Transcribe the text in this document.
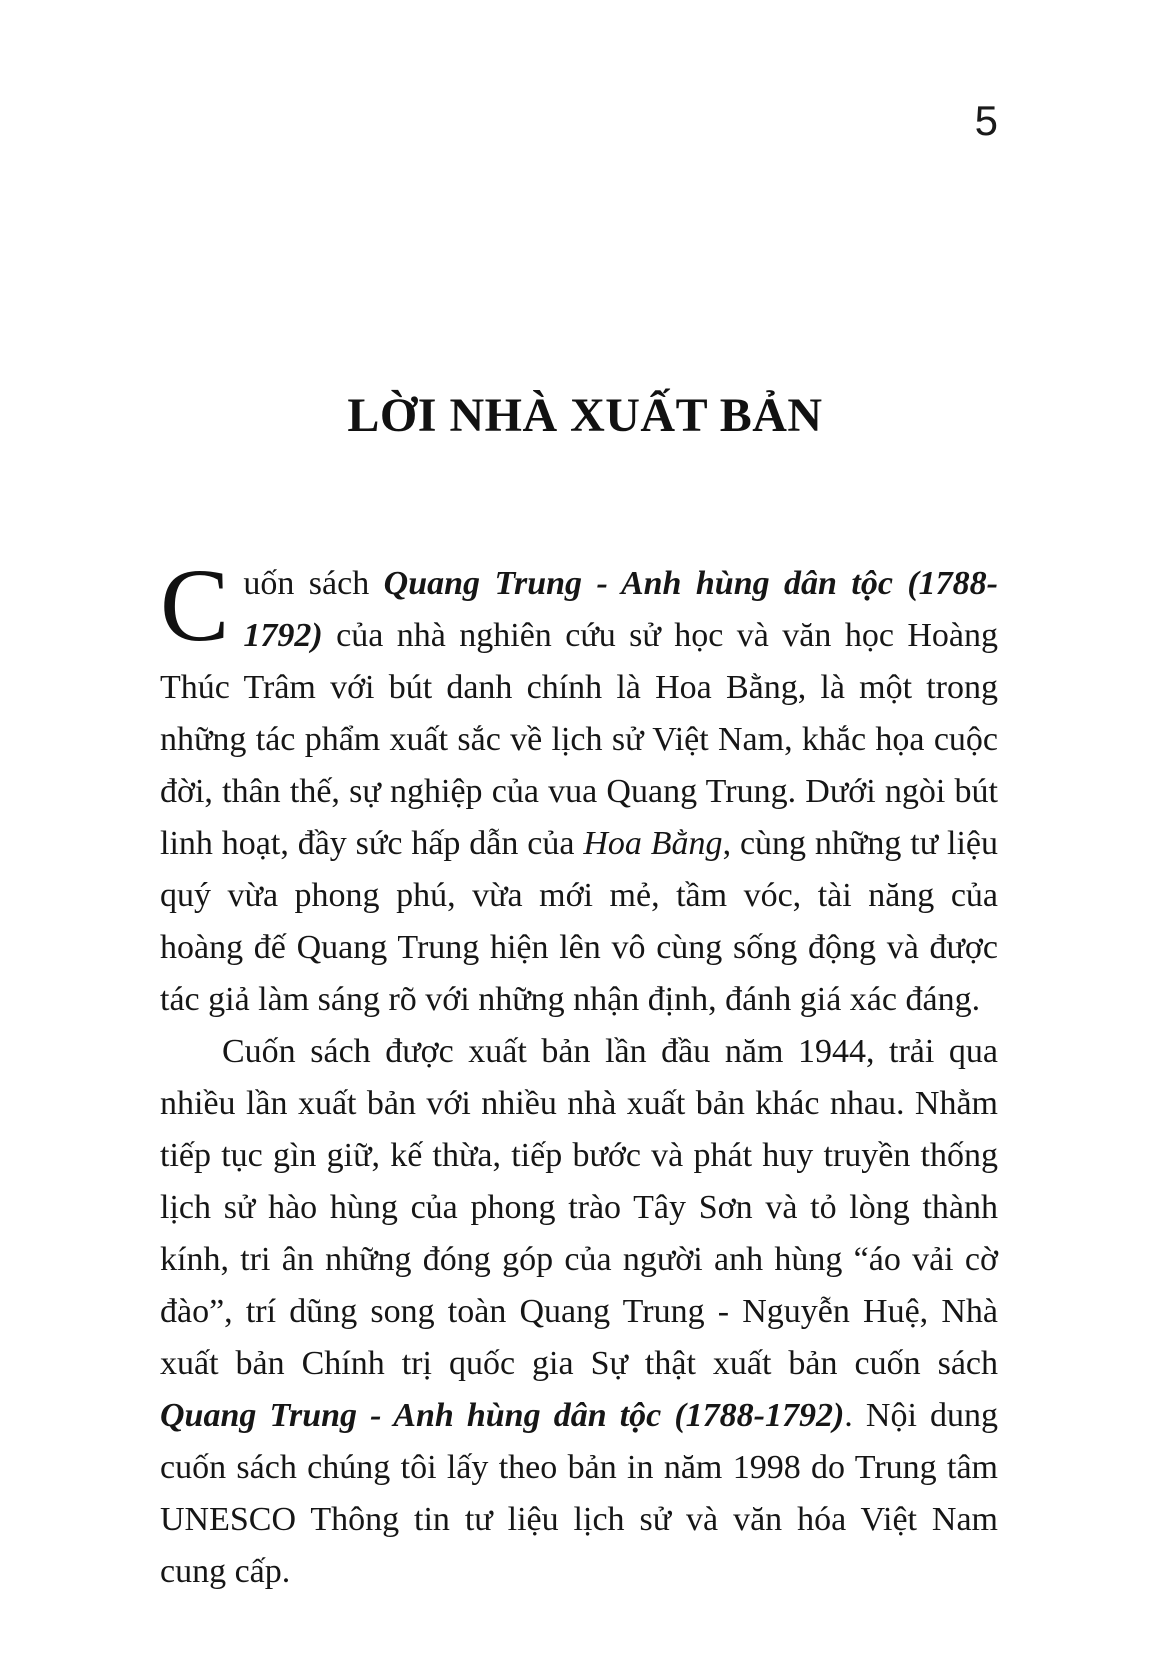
5
LỜI NHÀ XUẤT BẢN

Cuốn sách Quang Trung - Anh hùng dân tộc (1788-1792) của nhà nghiên cứu sử học và văn học Hoàng Thúc Trâm với bút danh chính là Hoa Bằng, là một trong những tác phẩm xuất sắc về lịch sử Việt Nam, khắc họa cuộc đời, thân thế, sự nghiệp của vua Quang Trung. Dưới ngòi bút linh hoạt, đầy sức hấp dẫn của Hoa Bằng, cùng những tư liệu quý vừa phong phú, vừa mới mẻ, tầm vóc, tài năng của hoàng đế Quang Trung hiện lên vô cùng sống động và được tác giả làm sáng rõ với những nhận định, đánh giá xác đáng.

Cuốn sách được xuất bản lần đầu năm 1944, trải qua nhiều lần xuất bản với nhiều nhà xuất bản khác nhau. Nhằm tiếp tục gìn giữ, kế thừa, tiếp bước và phát huy truyền thống lịch sử hào hùng của phong trào Tây Sơn và tỏ lòng thành kính, tri ân những đóng góp của người anh hùng “áo vải cờ đào”, trí dũng song toàn Quang Trung - Nguyễn Huệ, Nhà xuất bản Chính trị quốc gia Sự thật xuất bản cuốn sách Quang Trung - Anh hùng dân tộc (1788-1792). Nội dung cuốn sách chúng tôi lấy theo bản in năm 1998 do Trung tâm UNESCO Thông tin tư liệu lịch sử và văn hóa Việt Nam cung cấp.
